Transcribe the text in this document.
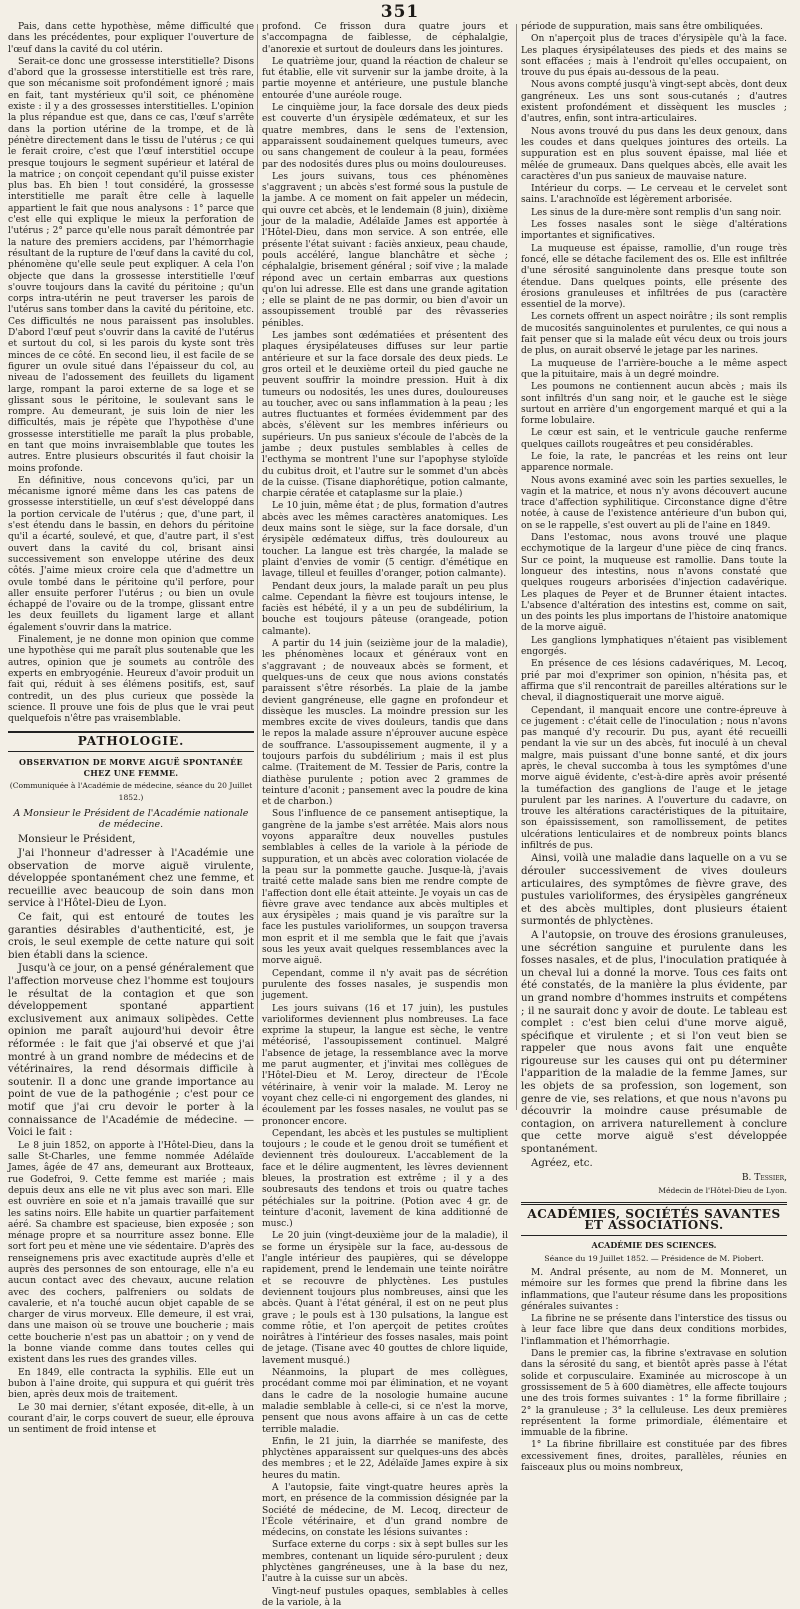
351

Pais, dans cette hypothèse, même difficulté que dans les précédentes, pour expliquer l'ouverture de l'œuf dans la cavité du col utérin.

Serait-ce donc une grossesse interstitielle? Disons d'abord que la grossesse interstitielle est très rare, que son mécanisme soit profondément ignoré ; mais en fait, tant mystérieux qu'il soit, ce phénomène existe : il y a des grossesses interstitielles. L'opinion la plus répandue est que, dans ce cas, l'œuf s'arrête dans la portion utérine de la trompe, et de là pénètre directement dans le tissu de l'utérus ; ce qui le ferait croire, c'est que l'œuf interstitiel occupe presque toujours le segment supérieur et latéral de la matrice ; on conçoit cependant qu'il puisse exister plus bas. Eh bien ! tout considéré, la grossesse interstitielle me paraît être celle à laquelle appartient le fait que nous analysons : 1° parce que c'est elle qui explique le mieux la perforation de l'utérus ; 2° parce qu'elle nous paraît démontrée par la nature des premiers accidens, par l'hémorrhagie résultant de la rupture de l'œuf dans la cavité du col, phénomène qu'elle seule peut expliquer. A cela l'on objecte que dans la grossesse interstitielle l'œuf s'ouvre toujours dans la cavité du péritoine ; qu'un corps intra-utérin ne peut traverser les parois de l'utérus sans tomber dans la cavité du péritoine, etc. Ces difficultés ne nous paraissent pas insolubles. D'abord l'œuf peut s'ouvrir dans la cavité de l'utérus et surtout du col, si les parois du kyste sont très minces de ce côté. En second lieu, il est facile de se figurer un ovule situé dans l'épaisseur du col, au niveau de l'adossement des feuillets du ligament large, rompant la paroi externe de sa loge et se glissant sous le péritoine, le soulevant sans le rompre. Au demeurant, je suis loin de nier les difficultés, mais je répète que l'hypothèse d'une grossesse interstitielle me paraît la plus probable, en tant que moins invraisemblable que toutes les autres. Entre plusieurs obscurités il faut choisir la moins profonde.

En définitive, nous concevons qu'ici, par un mécanisme ignoré même dans les cas patens de grossesse interstitielle, un œuf s'est développé dans la portion cervicale de l'utérus ; que, d'une part, il s'est étendu dans le bassin, en dehors du péritoine qu'il a écarté, soulevé, et que, d'autre part, il s'est ouvert dans la cavité du col, brisant ainsi successivement son enveloppe utérine des deux côtés. J'aime mieux croire cela que d'admettre un ovule tombé dans le péritoine qu'il perfore, pour aller ensuite perforer l'utérus ; ou bien un ovule échappé de l'ovaire ou de la trompe, glissant entre les deux feuillets du ligament large et allant également s'ouvrir dans la matrice.

Finalement, je ne donne mon opinion que comme une hypothèse qui me paraît plus soutenable que les autres, opinion que je soumets au contrôle des experts en embryogénie. Heureux d'avoir produit un fait qui, réduit à ses élémens positifs, est, sauf contredit, un des plus curieux que possède la science. Il prouve une fois de plus que le vrai peut quelquefois n'être pas vraisemblable.

PATHOLOGIE.
OBSERVATION DE MORVE AIGUË SPONTANÉE CHEZ UNE FEMME.
(Communiquée à l'Académie de médecine, séance du 20 Juillet 1852.)
A Monsieur le Président de l'Académie nationale de médecine.

Monsieur le Président,

J'ai l'honneur d'adresser à l'Académie une observation de morve aiguë virulente, développée spontanément chez une femme, et recueillie avec beaucoup de soin dans mon service à l'Hôtel-Dieu de Lyon.

Ce fait, qui est entouré de toutes les garanties désirables d'authenticité, est, je crois, le seul exemple de cette nature qui soit bien établi dans la science.

Jusqu'à ce jour, on a pensé généralement que l'affection morveuse chez l'homme est toujours le résultat de la contagion et que son développement spontané appartient exclusivement aux animaux solipèdes. Cette opinion me paraît aujourd'hui devoir être réformée : le fait que j'ai observé et que j'ai montré à un grand nombre de médecins et de vétérinaires, la rend désormais difficile à soutenir. Il a donc une grande importance au point de vue de la pathogénie ; c'est pour ce motif que j'ai cru devoir le porter à la connaissance de l'Académie de médecine. — Voici le fait :

Le 8 juin 1852, on apporte à l'Hôtel-Dieu, dans la salle St-Charles, une femme nommée Adélaïde James, âgée de 47 ans, demeurant aux Brotteaux, rue Godefroi, 9. Cette femme est mariée ; mais depuis deux ans elle ne vit plus avec son mari. Elle est ouvrière en soie et n'a jamais travaillé que sur les satins noirs. Elle habite un quartier parfaitement aéré. Sa chambre est spacieuse, bien exposée ; son ménage propre et sa nourriture assez bonne. Elle sort fort peu et mène une vie sédentaire. D'après des renseignemens pris avec exactitude auprès d'elle et auprès des personnes de son entourage, elle n'a eu aucun contact avec des chevaux, aucune relation avec des cochers, palfreniers ou soldats de cavalerie, et n'a touché aucun objet capable de se charger de virus morveux. Elle demeure, il est vrai, dans une maison où se trouve une boucherie ; mais cette boucherie n'est pas un abattoir ; on y vend de la bonne viande comme dans toutes celles qui existent dans les rues des grandes villes.

En 1849, elle contracta la syphilis. Elle eut un bubon à l'aine droite, qui suppura et qui guérit très bien, après deux mois de traitement.

Le 30 mai dernier, s'étant exposée, dit-elle, à un courant d'air, le corps couvert de sueur, elle éprouva un sentiment de froid intense et

profond. Ce frisson dura quatre jours et s'accompagna de faiblesse, de céphalalgie, d'anorexie et surtout de douleurs dans les jointures.

Le quatrième jour, quand la réaction de chaleur se fut établie, elle vit survenir sur la jambe droite, à la partie moyenne et antérieure, une pustule blanche entourée d'une auréole rouge.

Le cinquième jour, la face dorsale des deux pieds est couverte d'un érysipèle œdémateux, et sur les quatre membres, dans le sens de l'extension, apparaissent soudainement quelques tumeurs, avec ou sans changement de couleur à la peau, formées par des nodosités dures plus ou moins douloureuses.

Les jours suivans, tous ces phénomènes s'aggravent ; un abcès s'est formé sous la pustule de la jambe. A ce moment on fait appeler un médecin, qui ouvre cet abcès, et le lendemain (8 juin), dixième jour de la maladie, Adélaïde James est apportée à l'Hôtel-Dieu, dans mon service. A son entrée, elle présente l'état suivant : faciès anxieux, peau chaude, pouls accéléré, langue blanchâtre et sèche ; céphalalgie, brisement général ; soif vive ; la malade répond avec un certain embarras aux questions qu'on lui adresse. Elle est dans une grande agitation ; elle se plaint de ne pas dormir, ou bien d'avoir un assoupissement troublé par des rêvasseries pénibles.

Les jambes sont œdématiées et présentent des plaques érysipélateuses diffuses sur leur partie antérieure et sur la face dorsale des deux pieds. Le gros orteil et le deuxième orteil du pied gauche ne peuvent souffrir la moindre pression. Huit à dix tumeurs ou nodosités, les unes dures, douloureuses au toucher, avec ou sans inflammation à la peau ; les autres fluctuantes et formées évidemment par des abcès, s'élèvent sur les membres inférieurs ou supérieurs. Un pus sanieux s'écoule de l'abcès de la jambe ; deux pustules semblables à celles de l'ecthyma se montrent l'une sur l'apophyse styloïde du cubitus droit, et l'autre sur le sommet d'un abcès de la cuisse. (Tisane diaphorétique, potion calmante, charpie cératée et cataplasme sur la plaie.)

Le 10 juin, même état ; de plus, formation d'autres abcès avec les mêmes caractères anatomiques. Les deux mains sont le siège, sur la face dorsale, d'un érysipèle œdémateux diffus, très douloureux au toucher. La langue est très chargée, la malade se plaint d'envies de vomir (5 centigr. d'émétique en lavage, tilleul et feuilles d'oranger, potion calmante).

Pendant deux jours, la malade paraît un peu plus calme. Cependant la fièvre est toujours intense, le faciès est hébété, il y a un peu de subdélirium, la bouche est toujours pâteuse (orangeade, potion calmante).

A partir du 14 juin (seizième jour de la maladie), les phénomènes locaux et généraux vont en s'aggravant ; de nouveaux abcès se forment, et quelques-uns de ceux que nous avions constatés paraissent s'être résorbés. La plaie de la jambe devient gangréneuse, elle gagne en profondeur et dissèque les muscles. La moindre pression sur les membres excite de vives douleurs, tandis que dans le repos la malade assure n'éprouver aucune espèce de souffrance. L'assoupissement augmente, il y a toujours parfois du subdélirium ; mais il est plus calme. (Traitement de M. Tessier de Paris, contre la diathèse purulente ; potion avec 2 grammes de teinture d'aconit ; pansement avec la poudre de kina et de charbon.)

Sous l'influence de ce pansement antiseptique, la gangrène de la jambe s'est arrêtée. Mais alors nous voyons apparaître deux nouvelles pustules semblables à celles de la variole à la période de suppuration, et un abcès avec coloration violacée de la peau sur la pommette gauche. Jusque-là, j'avais traité cette malade sans bien me rendre compte de l'affection dont elle était atteinte. Je voyais un cas de fièvre grave avec tendance aux abcès multiples et aux érysipèles ; mais quand je vis paraître sur la face les pustules varioliformes, un soupçon traversa mon esprit et il me sembla que le fait que j'avais sous les yeux avait quelques ressemblances avec la morve aiguë.

Cependant, comme il n'y avait pas de sécrétion purulente des fosses nasales, je suspendis mon jugement.

Les jours suivans (16 et 17 juin), les pustules varioliformes deviennent plus nombreuses. La face exprime la stupeur, la langue est sèche, le ventre météorisé, l'assoupissement continuel. Malgré l'absence de jetage, la ressemblance avec la morve me parut augmenter, et j'invitai mes collègues de l'Hôtel-Dieu et M. Leroy, directeur de l'École vétérinaire, à venir voir la malade. M. Leroy ne voyant chez celle-ci ni engorgement des glandes, ni écoulement par les fosses nasales, ne voulut pas se prononcer encore.

Cependant, les abcès et les pustules se multiplient toujours ; le coude et le genou droit se tuméfient et deviennent très douloureux. L'accablement de la face et le délire augmentent, les lèvres deviennent bleues, la prostration est extrême ; il y a des soubresauts des tendons et trois ou quatre taches pétéchiales sur la poitrine. (Potion avec 4 gr. de teinture d'aconit, lavement de kina additionné de musc.)

Le 20 juin (vingt-deuxième jour de la maladie), il se forme un érysipèle sur la face, au-dessous de l'angle intérieur des paupières, qui se développe rapidement, prend le lendemain une teinte noirâtre et se recouvre de phlyctènes. Les pustules deviennent toujours plus nombreuses, ainsi que les abcès. Quant à l'état général, il est on ne peut plus grave ; le pouls est à 130 pulsations, la langue est comme rôtie, et l'on aperçoit de petites croûtes noirâtres à l'intérieur des fosses nasales, mais point de jetage. (Tisane avec 40 gouttes de chlore liquide, lavement musqué.)

Néanmoins, la plupart de mes collègues, procédant comme moi par élimination, et ne voyant dans le cadre de la nosologie humaine aucune maladie semblable à celle-ci, si ce n'est la morve, pensent que nous avons affaire à un cas de cette terrible maladie.

Enfin, le 21 juin, la diarrhée se manifeste, des phlyctènes apparaissent sur quelques-uns des abcès des membres ; et le 22, Adélaïde James expire à six heures du matin.

A l'autopsie, faite vingt-quatre heures après la mort, en présence de la commission désignée par la Société de médecine, de M. Lecoq, directeur de l'École vétérinaire, et d'un grand nombre de médecins, on constate les lésions suivantes :

Surface externe du corps : six à sept bulles sur les membres, contenant un liquide séro-purulent ; deux phlyctènes gangréneuses, une à la base du nez, l'autre à la cuisse sur un abcès.

Vingt-neuf pustules opaques, semblables à celles de la variole, à la

période de suppuration, mais sans être ombiliquées.

On n'aperçoit plus de traces d'érysipèle qu'à la face. Les plaques érysipélateuses des pieds et des mains se sont effacées ; mais à l'endroit qu'elles occupaient, on trouve du pus épais au-dessous de la peau.

Nous avons compté jusqu'à vingt-sept abcès, dont deux gangréneux. Les uns sont sous-cutanés ; d'autres existent profondément et dissèquent les muscles ; d'autres, enfin, sont intra-articulaires.

Nous avons trouvé du pus dans les deux genoux, dans les coudes et dans quelques jointures des orteils. La suppuration est en plus souvent épaisse, mal liée et mêlée de grumeaux. Dans quelques abcès, elle avait les caractères d'un pus sanieux de mauvaise nature.

Intérieur du corps. — Le cerveau et le cervelet sont sains. L'arachnoïde est légèrement arborisée.

Les sinus de la dure-mère sont remplis d'un sang noir.

Les fosses nasales sont le siège d'altérations importantes et significatives.

La muqueuse est épaisse, ramollie, d'un rouge très foncé, elle se détache facilement des os. Elle est infiltrée d'une sérosité sanguinolente dans presque toute son étendue. Dans quelques points, elle présente des érosions granuleuses et infiltrées de pus (caractère essentiel de la morve).

Les cornets offrent un aspect noirâtre ; ils sont remplis de mucosités sanguinolentes et purulentes, ce qui nous a fait penser que si la malade eût vécu deux ou trois jours de plus, on aurait observé le jetage par les narines.

La muqueuse de l'arrière-bouche a le même aspect que la pituitaire, mais à un degré moindre.

Les poumons ne contiennent aucun abcès ; mais ils sont infiltrés d'un sang noir, et le gauche est le siège surtout en arrière d'un engorgement marqué et qui a la forme lobulaire.

Le cœur est sain, et le ventricule gauche renferme quelques caillots rougeâtres et peu considérables.

Le foie, la rate, le pancréas et les reins ont leur apparence normale.

Nous avons examiné avec soin les parties sexuelles, le vagin et la matrice, et nous n'y avons découvert aucune trace d'affection syphilitique. Circonstance digne d'être notée, à cause de l'existence antérieure d'un bubon qui, on se le rappelle, s'est ouvert au pli de l'aine en 1849.

Dans l'estomac, nous avons trouvé une plaque ecchymotique de la largeur d'une pièce de cinq francs. Sur ce point, la muqueuse est ramollie. Dans toute la longueur des intestins, nous n'avons constaté que quelques rougeurs arborisées d'injection cadavérique. Les plaques de Peyer et de Brunner étaient intactes. L'absence d'altération des intestins est, comme on sait, un des points les plus importans de l'histoire anatomique de la morve aiguë.

Les ganglions lymphatiques n'étaient pas visiblement engorgés.

En présence de ces lésions cadavériques, M. Lecoq, prié par moi d'exprimer son opinion, n'hésita pas, et affirma que s'il rencontrait de pareilles altérations sur le cheval, il diagnostiquerait une morve aiguë.

Cependant, il manquait encore une contre-épreuve à ce jugement : c'était celle de l'inoculation ; nous n'avons pas manqué d'y recourir. Du pus, ayant été recueilli pendant la vie sur un des abcès, fut inoculé à un cheval malgre, mais puissant d'une bonne santé, et dix jours après, le cheval succomba à tous les symptômes d'une morve aiguë évidente, c'est-à-dire après avoir présenté la tuméfaction des ganglions de l'auge et le jetage purulent par les narines. A l'ouverture du cadavre, on trouve les altérations caractéristiques de la pituitaire, son épaississement, son ramollissement, de petites ulcérations lenticulaires et de nombreux points blancs infiltrés de pus.

Ainsi, voilà une maladie dans laquelle on a vu se dérouler successivement de vives douleurs articulaires, des symptômes de fièvre grave, des pustules varioliformes, des érysipèles gangréneux et des abcès multiples, dont plusieurs étaient surmontés de phlyctènes.

A l'autopsie, on trouve des érosions granuleuses, une sécrétion sanguine et purulente dans les fosses nasales, et de plus, l'inoculation pratiquée à un cheval lui a donné la morve. Tous ces faits ont été constatés, de la manière la plus évidente, par un grand nombre d'hommes instruits et compétens ; il ne saurait donc y avoir de doute. Le tableau est complet : c'est bien celui d'une morve aiguë, spécifique et virulente ; et si l'on veut bien se rappeler que nous avons fait une enquête rigoureuse sur les causes qui ont pu déterminer l'apparition de la maladie de la femme James, sur les objets de sa profession, son logement, son genre de vie, ses relations, et que nous n'avons pu découvrir la moindre cause présumable de contagion, on arrivera naturellement à conclure que cette morve aiguë s'est développée spontanément.

Agréez, etc.

B. Tessier,
Médecin de l'Hôtel-Dieu de Lyon.
ACADÉMIES, SOCIÉTÉS SAVANTES ET ASSOCIATIONS.
ACADÉMIE DES SCIENCES.
Séance du 19 Juillet 1852. — Présidence de M. Piobert.

M. Andral présente, au nom de M. Monneret, un mémoire sur les formes que prend la fibrine dans les inflammations, que l'auteur résume dans les propositions générales suivantes :

La fibrine ne se présente dans l'interstice des tissus ou à leur face libre que dans deux conditions morbides, l'inflammation et l'hémorrhagie.

Dans le premier cas, la fibrine s'extravase en solution dans la sérosité du sang, et bientôt après passe à l'état solide et corpusculaire. Examinée au microscope à un grossissement de 5 à 600 diamètres, elle affecte toujours une des trois formes suivantes : 1° la forme fibrillaire ; 2° la granuleuse ; 3° la celluleuse. Les deux premières représentent la forme primordiale, élémentaire et immuable de la fibrine.

1° La fibrine fibrillaire est constituée par des fibres excessivement fines, droites, parallèles, réunies en faisceaux plus ou moins nombreux,
